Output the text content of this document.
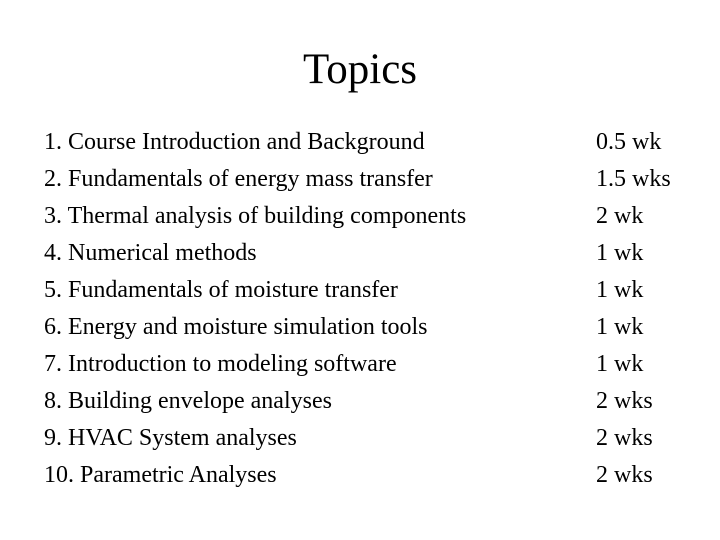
Topics
1. Course Introduction and Background	0.5 wk
2. Fundamentals of energy mass transfer	1.5 wks
3. Thermal analysis of building components	2 wk
4. Numerical methods	1 wk
5. Fundamentals of moisture transfer	1 wk
6. Energy and moisture simulation tools	1 wk
7. Introduction to modeling software	1 wk
8. Building envelope analyses	2 wks
9. HVAC System analyses	2 wks
10. Parametric Analyses	2 wks
